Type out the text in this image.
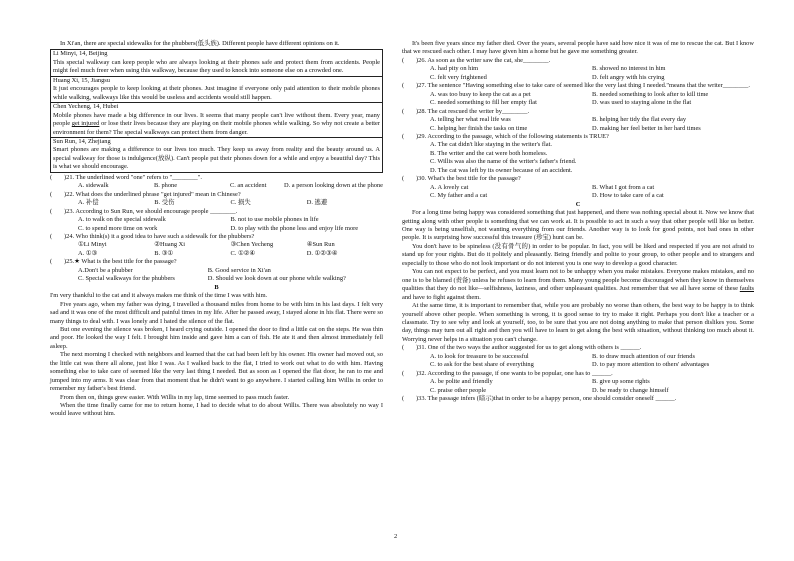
In Xi'an, there are special sidewalks for the phubbers(低头族). Different people have different opinions on it.

Li Minyi, 14, Beijing

This special walkway can keep people who are always looking at their phones safe and protect them from accidents. People might feel much freer when using this walkway, because they used to knock into someone else on a crowded one.

Huang Xi, 15, Jiangsu

It just encourages people to keep looking at their phones. Just imagine if everyone only paid attention to their mobile phones while walking, walkways like this would be useless and accidents would still happen.

Chen Yecheng, 14, Hubei

Mobile phones have made a big difference in our lives. It seems that many people can't live without them. Every year, many people get injured or lose their lives because they are playing on their mobile phones while walking. So why not create a better environment for them? The special walkways can protect them from danger.

Sun Run, 14, Zhejiang

Smart phones are making a difference to our lives too much. They keep us away from reality and the beauty around us. A special walkway for those is indulgence(放纵). Can't people put their phones down for a while and enjoy a beautiful day? This is what we should encourage.

(	)21. The underlined word "one" refers to "________".
A. sidewalk	B. phone	C. an accident	D. a person looking down at the phone
(	)22. What does the underlined phrase "get injured" mean in Chinese?
A. 补偿	B. 受伤	C. 损失	D. 逃避
(	)23. According to Sun Run, we should encourage people ________.
A. to walk on the special sidewalk	B. not to use mobile phones in life
C. to spend more time on work	D. to play with the phone less and enjoy life more
(	)24. Who think(s) it a good idea to have such a sidewalk for the phubbers?
①Li Minyi	②Huang Xi	③Chen Yecheng	④Sun Run
A. ①③	B. ③①	C. ①②④	D. ①②③④
(	)25.★ What is the best title for the passage?
A.Don't be a phubber	B. Good service in Xi'an
C. Special walkways for the phubbers	D. Should we look down at our phone while walking?
B

I'm very thankful to the cat and it always makes me think of the time I was with him.

Five years ago, when my father was dying, I travelled a thousand miles from home to be with him in his last days. I felt very sad and it was one of the most difficult and painful times in my life. After he passed away, I stayed alone in his flat. There were so many things to deal with. I was lonely and I hated the silence of the flat.

But one evening the silence was broken, I heard crying outside. I opened the door to find a little cat on the steps. He was thin and poor. He looked the way I felt. I brought him inside and gave him a can of fish. He ate it and then almost immediately fell asleep.

The next morning I checked with neighbors and learned that the cat had been left by his owner. His owner had moved out, so the little cat was there all alone, just like I was. As I walked back to the flat, I tried to work out what to do with him. Having something else to take care of seemed like the very last thing I needed. But as soon as I opened the flat door, he ran to me and jumped into my arms. It was clear from that moment that he didn't want to go anywhere. I started calling him Willis in order to remember my father's best friend.

From then on, things grew easier. With Willis in my lap, time seemed to pass much faster.

When the time finally came for me to return home, I had to decide what to do about Willis. There was absolutely no way I would leave without him.

It's been five years since my father died. Over the years, several people have said how nice it was of me to rescue the cat. But I know that we rescued each other. I may have given him a home but he gave me something greater.

(	)26. As soon as the writer saw the cat, she________.
A. had pity on him	B. showed no interest in him
C. felt very frightened	D. felt angry with his crying
(	)27. The sentence "Having something else to take care of seemed like the very last thing I needed."means that the writer________.
A. was too busy to keep the cat as a pet	B. needed something to look after to kill time
C. needed something to fill her empty flat	D. was used to staying alone in the flat
(	)28. The cat rescued the writer by________.
A. telling her what real life was	B. helping her tidy the flat every day
C. helping her finish the tasks on time	D. making her feel better in her hard times
(	)29. According to the passage, which of the following statements is TRUE?
A. The cat didn't like staying in the writer's flat.
B. The writer and the cat were both homeless.
C. Willis was also the name of the writer's father's friend.
D. The cat was left by its owner because of an accident.
(	)30. What's the best title for the passage?
A. A lovely cat	B. What I got from a cat
C. My father and a cat	D. How to take care of a cat
C

For a long time being happy was considered something that just happened, and there was nothing special about it. Now we know that getting along with other people is something that we can work at. It is possible to act in such a way that other people will like us better. One way is being unselfish, not wanting everything from our friends. Another way is to look for good points, not bad ones in other people. It is surprising how successful this treasure (珍宝) hunt can be.

You don't have to be spineless (没有骨气的) in order to be popular. In fact, you will be liked and respected if you are not afraid to stand up for your rights. But do it politely and pleasantly. Being friendly and polite to your group, to other people and to strangers and especially to those who do not look important or do not interest you is one way to develop a good character.

You can not expect to be perfect, and you must learn not to be unhappy when you make mistakes. Everyone makes mistakes, and no one is to be blamed (责备) unless he refuses to learn from them. Many young people become discouraged when they know in themselves qualities that they do not like—selfishness, laziness, and other unpleasant qualities. Just remember that we all have some of these faults and have to fight against them.

At the same time, it is important to remember that, while you are probably no worse than others, the best way to be happy is to think yourself above other people. When something is wrong, it is good sense to try to make it right. Perhaps you don't like a teacher or a classmate. Try to see why and look at yourself, too, to be sure that you are not doing anything to make that person dislikes you. Some day, things may turn out all right and then you will have to learn to get along the best with situation, without thinking too much about it. Worrying never helps in a situation you can't change.

(	)31. One of the two ways the author suggested for us to get along with others is ______.
A. to look for treasure to be successful	B. to draw much attention of our friends
C. to ask for the best share of everything	D. to pay more attention to others' advantages
(	)32. According to the passage, if one wants to be popular, one has to ______.
A. be polite and friendly	B. give up some rights
C. praise other people	D. be ready to change himself
(	)33. The passage infers (暗示)that in order to be a happy person, one should consider oneself ______.
2
